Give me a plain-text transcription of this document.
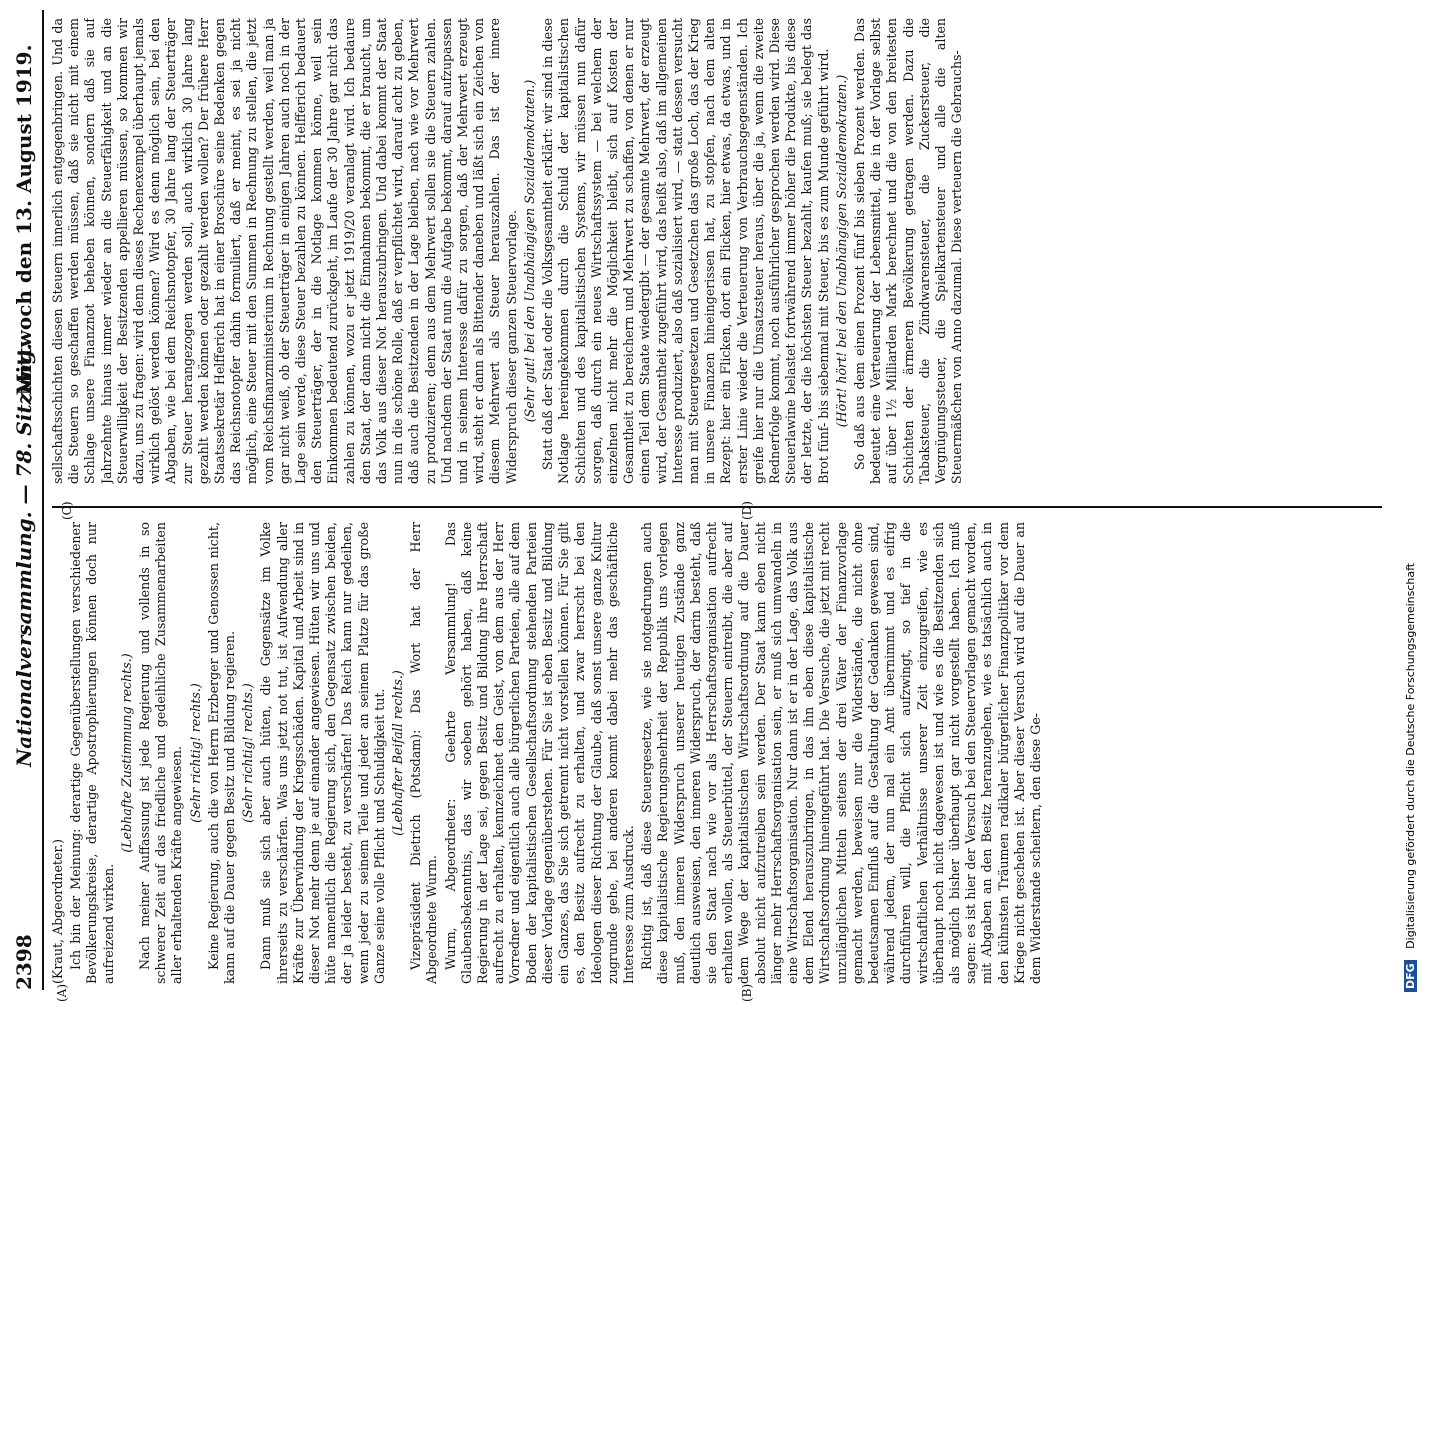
2398
Nationalversammlung. — 78. Sitzung.
Mittwoch den 13. August 1919.
(A)	(B)
(C)	(D)

(Kraut, Abgeordneter.) Ich bin der Meinung: derartige Gegenüberstellungen verschiedener Bevölkerungskreise, derartige Apostrophierungen können doch nur aufreizend wirken.

(Lebhafte Zustimmung rechts.) Nach meiner Auffassung ist jede Regierung und vollends in so schwerer Zeit auf das friedliche und gedeihliche Zusammenarbeiten aller erhaltenden Kräfte angewiesen. (Sehr richtig! rechts.) Keine Regierung, auch die von Herrn Erzberger und Genossen nicht, kann auf die Dauer gegen Besitz und Bildung regieren. (Sehr richtig! rechts.) Dann muß sie sich aber auch hüten, die Gegensätze im Volke ihrerseits zu verschärfen. Was uns jetzt not tut, ist Aufwendung aller Kräfte zur Überwindung der Kriegsschäden. Kapital und Arbeit sind in dieser Not mehr denn je auf einander angewiesen. Hüten wir uns und hüte namentlich die Regierung sich, den Gegensatz zwischen beiden, der ja leider besteht, zu verschärfen! Das Reich kann nur gedeihen, wenn jeder zu seinem Teile und jeder an seinem Platze für das große Ganze seine volle Pflicht und Schuldigkeit tut. (Lebhafter Beifall rechts.) Vizepräsident Dietrich (Potsdam): Das Wort hat der Herr Abgeordnete Wurm. Wurm, Abgeordneter: Geehrte Versammlung! Das Glaubensbekenntnis, das wir soeben gehört haben, daß keine Regierung in der Lage sei, gegen Besitz und Bildung ihre Herrschaft aufrecht zu erhalten, kennzeichnet den Geist, von dem aus der Herr Vorredner und eigentlich auch alle bürgerlichen Parteien, alle auf dem Boden der kapitalistischen Gesellschaftsordnung stehenden Parteien dieser Vorlage gegenüberstehen. Für Sie ist eben Besitz und Bildung ein Ganzes, das Sie sich getrennt nicht vorstellen können. Für Sie gilt es, den Besitz aufrecht zu erhalten, und zwar herrscht bei den Ideologen dieser Richtung der Glaube, daß sonst unsere ganze Kultur zugrunde gehe, bei anderen kommt dabei mehr das geschäftliche Interesse zum Ausdruck. Richtig ist, daß diese Steuergesetze, wie sie notgedrungen auch diese kapitalistische Regierungsmehrheit der Republik uns vorlegen muß, den inneren Widerspruch unserer heutigen Zustände ganz deutlich ausweisen, den inneren Widerspruch, der darin besteht, daß sie den Staat nach wie vor als Herrschaftsorganisation aufrecht erhalten wollen, als Steuerbüttel, der Steuern eintreibt, die aber auf dem Wege der kapitalistischen Wirtschaftsordnung auf die Dauer absolut nicht aufzutreiben sein werden. Der Staat kann eben nicht länger mehr Herrschaftsorganisation sein, er muß sich umwandeln in eine Wirtschaftsorganisation. Nur dann ist er in der Lage, das Volk aus dem Elend herauszubringen, in das ihn eben diese kapitalistische Wirtschaftsordnung hineingeführt hat. Die Versuche, die jetzt mit recht unzulänglichen Mitteln seitens der drei Väter der Finanzvorlage gemacht werden, beweisen nur die Widerstände, die nicht ohne bedeutsamen Einfluß auf die Gestaltung der Gedanken gewesen sind, während jedem, der nun mal ein Amt übernimmt und es eifrig durchführen will, die Pflicht sich aufzwingt, so tief in die wirtschaftlichen Verhältnisse unserer Zeit einzugreifen, wie es überhaupt noch nicht dagewesen ist und wie es die Besitzenden sich als möglich bisher überhaupt gar nicht vorgestellt haben. Ich muß sagen: es ist hier der Versuch bei den Steuervorlagen gemacht worden, mit Abgaben an den Besitz heranzugehen, wie es tatsächlich auch in den kühnsten Träumen radikaler bürgerlicher Finanzpolitiker vor dem Kriege nicht geschehen ist. Aber dieser Versuch wird auf die Dauer an dem Widerstande scheitern, den diese Ge-

sellschaftsschichten diesen Steuern innerlich entgegenbringen. Und da die Steuern so geschaffen werden müssen, daß sie nicht mit einem Schlage unsere Finanznot beheben können, sondern daß sie auf Jahrzehnte hinaus immer wieder an die Steuerfähigkeit und an die Steuerwilligkeit der Besitzenden appellieren müssen, so kommen wir dazu, uns zu fragen: wird denn dieses Rechenexempel überhaupt jemals wirklich gelöst werden können? Wird es denn möglich sein, bei den Abgaben, wie bei dem Reichsnotopfer, 30 Jahre lang der Steuerträger zur Steuer herangezogen werden soll, auch wirklich 30 Jahre lang gezahlt werden können oder gezahlt werden wollen? Der frühere Herr Staatssekretär Helfferich hat in einer Broschüre seine Bedenken gegen das Reichsnotopfer dahin formuliert, daß er meint, es sei ja nicht möglich, eine Steuer mit den Summen in Rechnung zu stellen, die jetzt vom Reichsfinanzministerium in Rechnung gestellt werden, weil man ja gar nicht weiß, ob der Steuerträger in einigen Jahren auch noch in der Lage sein werde, diese Steuer bezahlen zu können. Helfferich bedauert den Steuerträger, der in die Notlage kommen könne, weil sein Einkommen bedeutend zurückgeht, im Laufe der 30 Jahre gar nicht das zahlen zu können, wozu er jetzt 1919/20 veranlagt wird. Ich bedaure den Staat, der dann nicht die Einnahmen bekommt, die er braucht, um das Volk aus dieser Not herauszubringen. Und dabei kommt der Staat nun in die schöne Rolle, daß er verpflichtet wird, darauf acht zu geben, daß auch die Besitzenden in der Lage bleiben, nach wie vor Mehrwert zu produzieren; denn aus dem Mehrwert sollen sie die Steuern zahlen. Und nachdem der Staat nun die Aufgabe bekommt, darauf aufzupassen und in seinem Interesse dafür zu sorgen, daß der Mehrwert erzeugt wird, steht er dann als Bittender daneben und läßt sich ein Zeichen von diesem Mehrwert als Steuer herauszahlen. Das ist der innere Widerspruch dieser ganzen Steuervorlage. (Sehr gut! bei den Unabhängigen Sozialdemokraten.) Statt daß der Staat oder die Volksgesamtheit erklärt: wir sind in diese Notlage hereingekommen durch die Schuld der kapitalistischen Schichten und des kapitalistischen Systems, wir müssen nun dafür sorgen, daß durch ein neues Wirtschaftssystem — bei welchem der einzelnen nicht mehr die Möglichkeit bleibt, sich auf Kosten der Gesamtheit zu bereichern und Mehrwert zu schaffen, von denen er nur einen Teil dem Staate wiedergibt — der gesamte Mehrwert, der erzeugt wird, der Gesamtheit zugeführt wird, das heißt also, daß im allgemeinen Interesse produziert, also daß sozialisiert wird, — statt dessen versucht man mit Steuergesetzen und Gesetzchen das große Loch, das der Krieg in unsere Finanzen hineingerissen hat, zu stopfen, nach dem alten Rezept: hier ein Flicken, dort ein Flicken, hier etwas, da etwas, und in erster Linie wieder die Verteuerung von Verbrauchsgegenständen. Ich greife hier nur die Umsatzsteuer heraus, über die ja, wenn die zweite Rednerfolge kommt, noch ausführlicher gesprochen werden wird. Diese Steuerlawine belastet fortwährend immer höher die Produkte, bis diese der letzte, der die höchsten Steuer bezahlt, kaufen muß; sie belegt das Brot fünf- bis siebenmal mit Steuer, bis es zum Munde geführt wird. (Hört! hört! bei den Unabhängigen Sozialdemokraten.) So daß aus dem einen Prozent fünf bis sieben Prozent werden. Das bedeutet eine Verteuerung der Lebensmittel, die in der Vorlage selbst auf über 1½ Milliarden Mark berechnet und die von den breitesten Schichten der ärmeren Bevölkerung getragen werden. Dazu die Tabaksteuer, die Zündwarensteuer, die Zuckersteuer, die Vergnügungssteuer, die Spielkartensteuer und alle die alten Steuermäßchen von Anno dazumal. Diese verteuern die Gebrauchs-

DFG Digitalisierung gefördert durch die Deutsche Forschungsgemeinschaft
